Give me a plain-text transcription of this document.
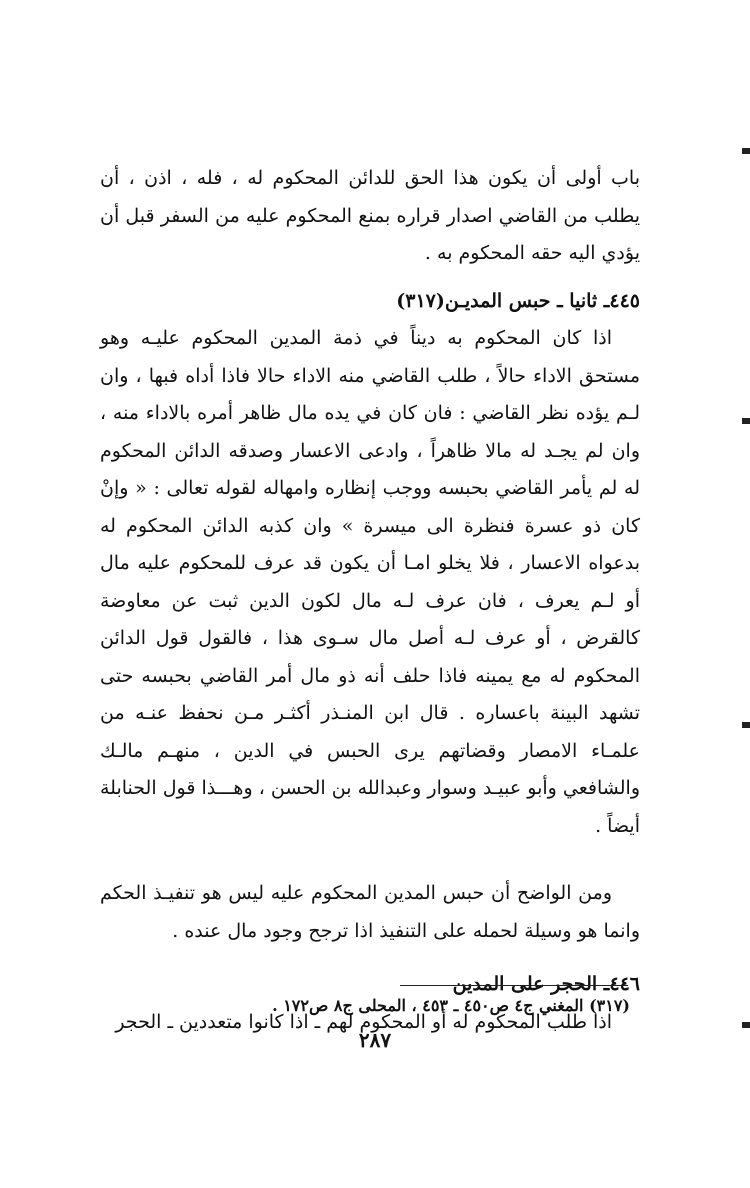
باب أولى أن يكون هذا الحق للدائن المحكوم له ، فله ، اذن ، أن يطلب من القاضي اصدار قراره بمنع المحكوم عليه من السفر قبل أن يؤدي اليه حقه المحكوم به .

٤٤٥ـ ثانيا ـ حبس المديـن(٣١٧)

اذا كان المحكوم به ديناً في ذمة المدين المحكوم عليـه وهو مستحق الاداء حالاً ، طلب القاضي منه الاداء حالا فاذا أداه فبها ، وان لـم يؤده نظر القاضي : فان كان في يده مال ظاهر أمره بالاداء منه ، وان لم يجـد له مالا ظاهراً ، وادعى الاعسار وصدقه الدائن المحكوم له لم يأمر القاضي بحبسه ووجب إنظاره وامهاله لقوله تعالى : « وإنْ كان ذو عسرة فنظرة الى ميسرة » وان كذبه الدائن المحكوم له بدعواه الاعسار ، فلا يخلو امـا أن يكون قد عرف للمحكوم عليه مال أو لـم يعرف ، فان عرف لـه مال لكون الدين ثبت عن معاوضة كالقرض ، أو عرف لـه أصل مال سـوى هذا ، فالقول قول الدائن المحكوم له مع يمينه فاذا حلف أنه ذو مال أمر القاضي بحبسه حتى تشهد البينة باعساره . قال ابن المنـذر أكثـر مـن نحفظ عنـه من علمـاء الامصار وقضاتهم يرى الحبس في الدين ، منهـم مالـك والشافعي وأبو عبيـد وسوار وعبدالله بن الحسن ، وهـــذا قول الحنابلة أيضاً .

ومن الواضح أن حبس المدين المحكوم عليه ليس هو تنفيـذ الحكم وانما هو وسيلة لحمله على التنفيذ اذا ترجح وجود مال عنده .

٤٤٦ـ الحجر على المدين

اذا طلب المحكوم له أو المحكوم لهم ـ اذا كانوا متعددين ـ الحجر

(٣١٧) المغني ج٤ ص٤٥٠ ـ ٤٥٣ ، المحلى ج٨ ص١٧٢ .
٢٨٧
